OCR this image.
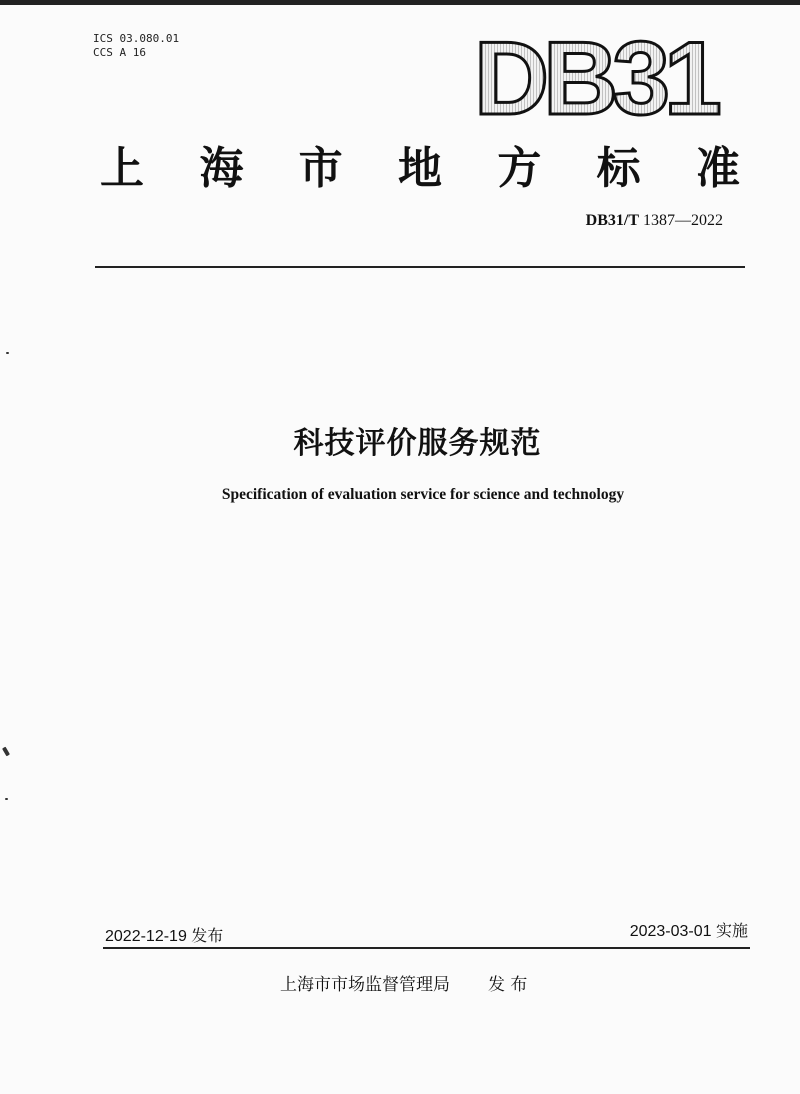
ICS 03.080.01
CCS A 16	DB31
上 海 市 地 方 标 准
DB31/T 1387—2022
科技评价服务规范
Specification of evaluation service for science and technology
2022-12-19 发布	2023-03-01 实施
上海市市场监督管理局 发 布
